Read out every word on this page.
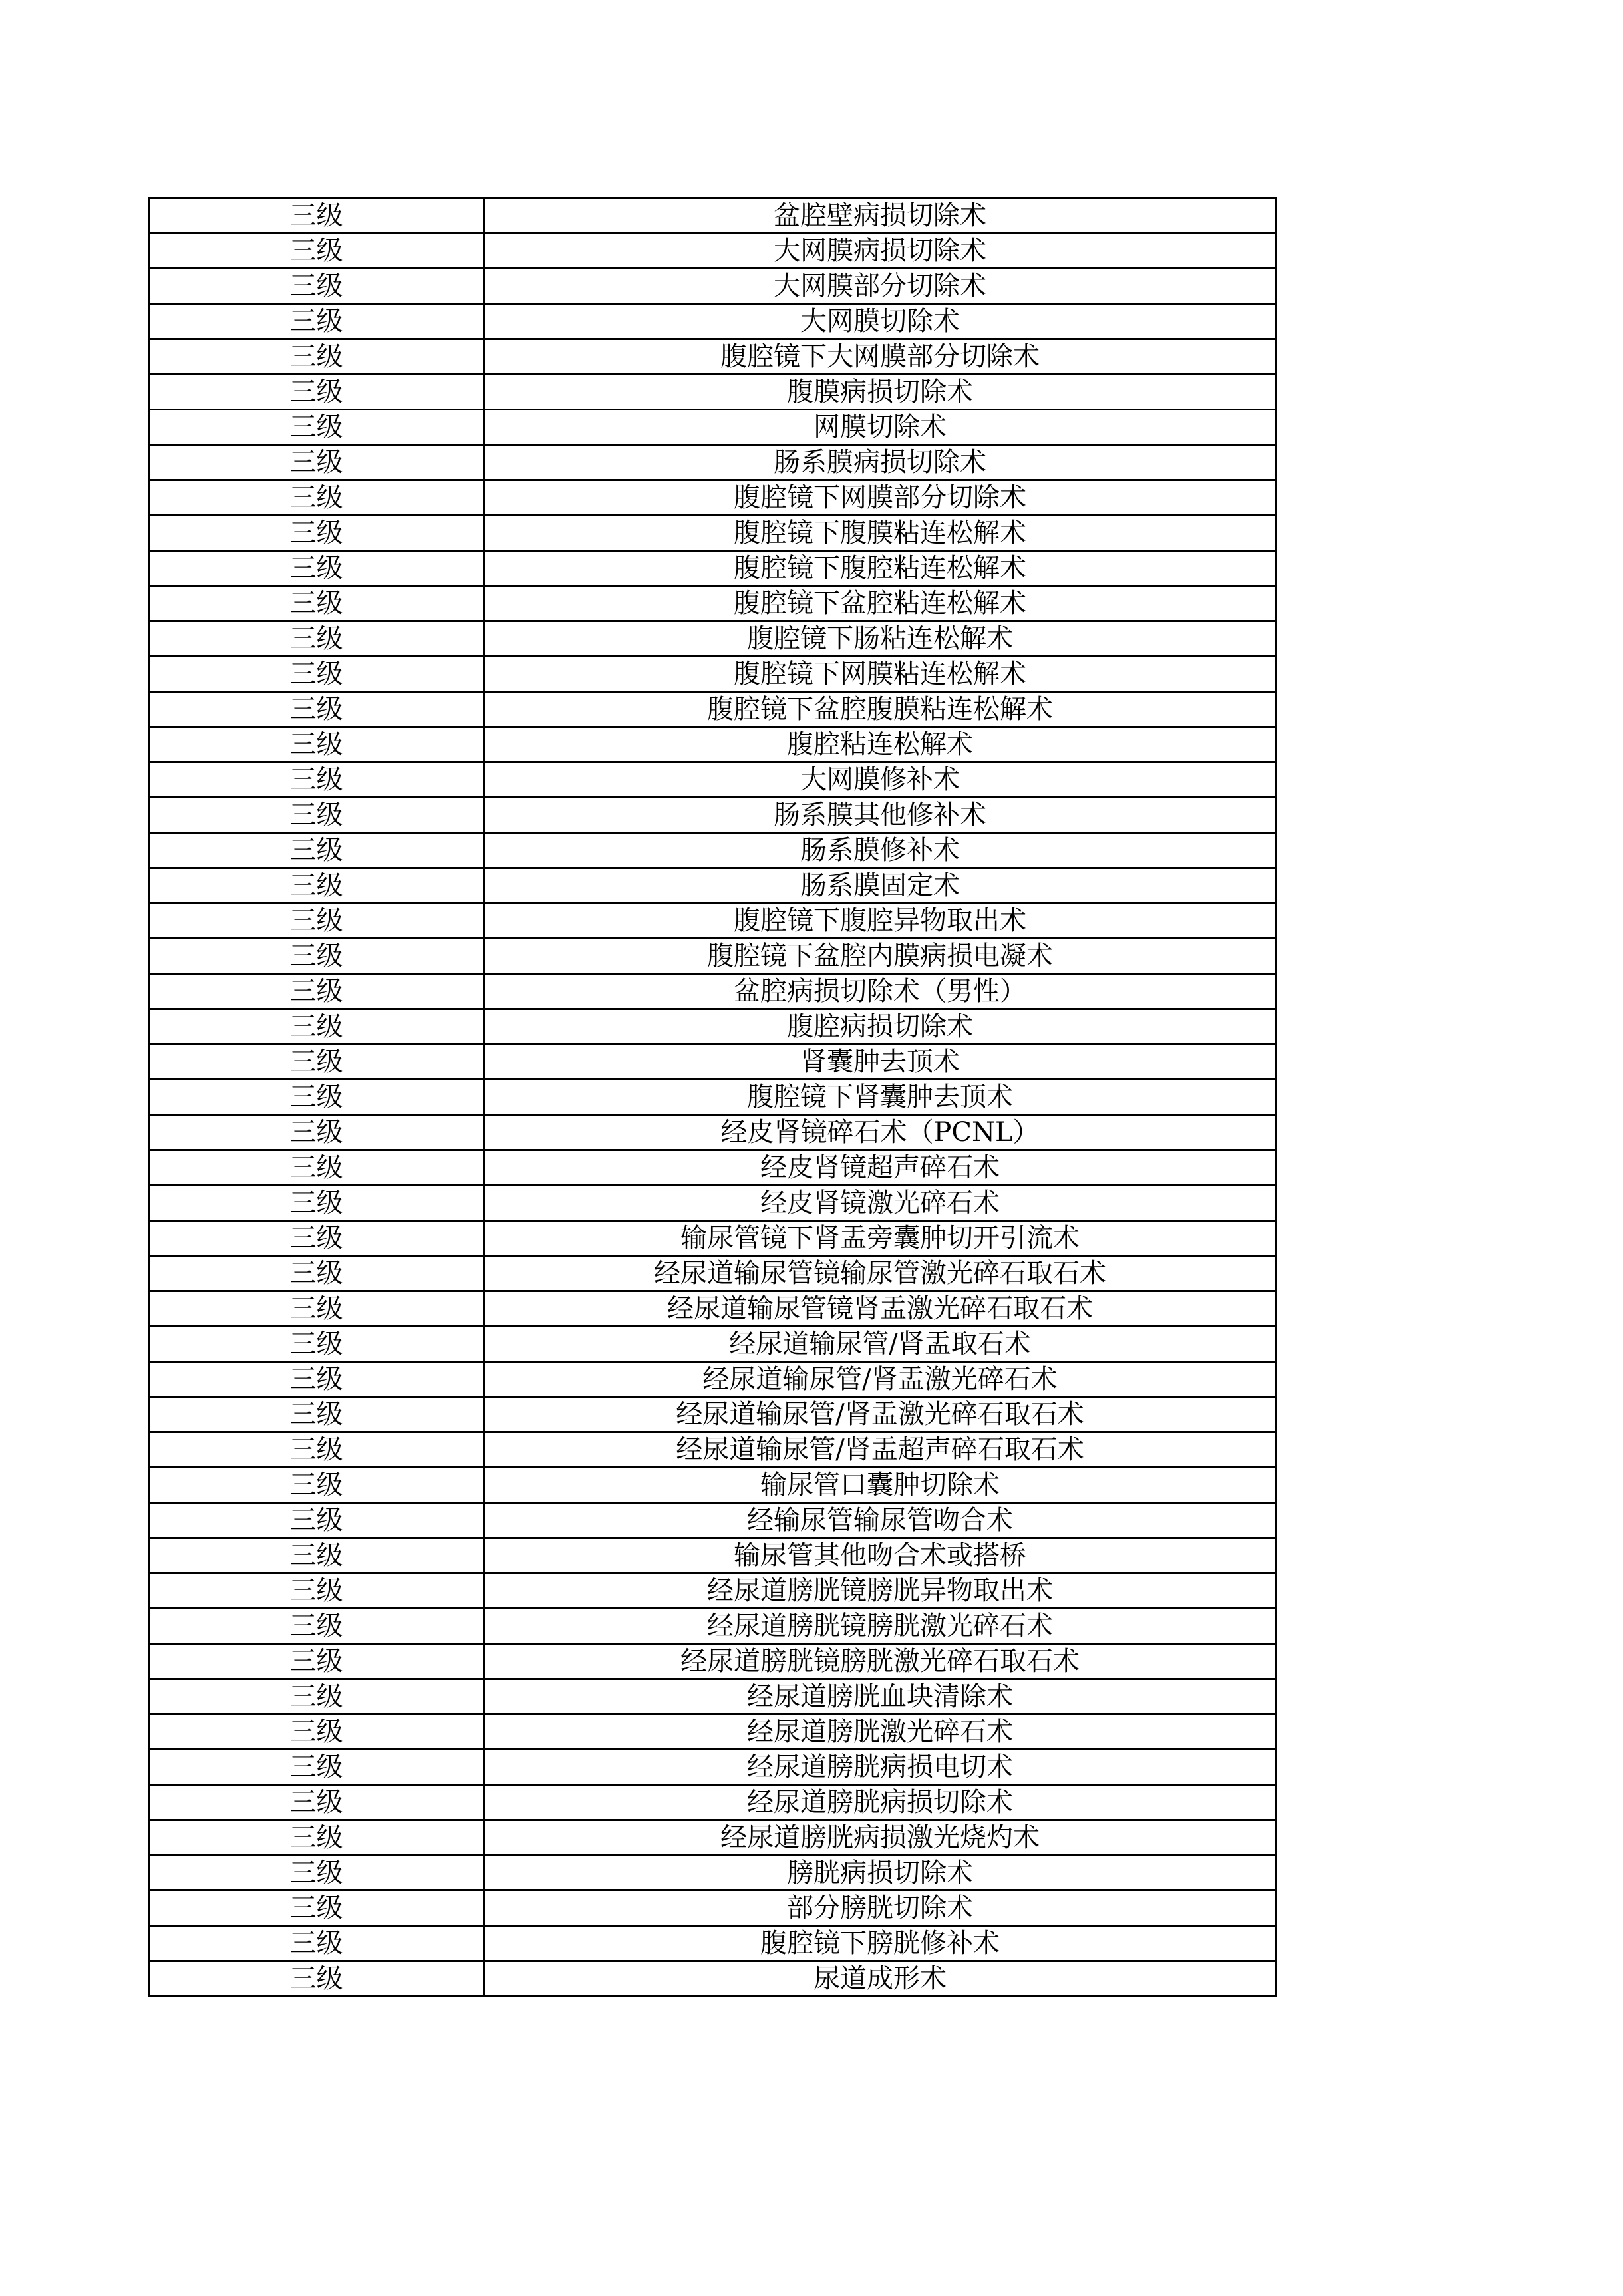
三级	盆腔壁病损切除术
三级	大网膜病损切除术
三级	大网膜部分切除术
三级	大网膜切除术
三级	腹腔镜下大网膜部分切除术
三级	腹膜病损切除术
三级	网膜切除术
三级	肠系膜病损切除术
三级	腹腔镜下网膜部分切除术
三级	腹腔镜下腹膜粘连松解术
三级	腹腔镜下腹腔粘连松解术
三级	腹腔镜下盆腔粘连松解术
三级	腹腔镜下肠粘连松解术
三级	腹腔镜下网膜粘连松解术
三级	腹腔镜下盆腔腹膜粘连松解术
三级	腹腔粘连松解术
三级	大网膜修补术
三级	肠系膜其他修补术
三级	肠系膜修补术
三级	肠系膜固定术
三级	腹腔镜下腹腔异物取出术
三级	腹腔镜下盆腔内膜病损电凝术
三级	盆腔病损切除术（男性）
三级	腹腔病损切除术
三级	肾囊肿去顶术
三级	腹腔镜下肾囊肿去顶术
三级	经皮肾镜碎石术（PCNL）
三级	经皮肾镜超声碎石术
三级	经皮肾镜激光碎石术
三级	输尿管镜下肾盂旁囊肿切开引流术
三级	经尿道输尿管镜输尿管激光碎石取石术
三级	经尿道输尿管镜肾盂激光碎石取石术
三级	经尿道输尿管/肾盂取石术
三级	经尿道输尿管/肾盂激光碎石术
三级	经尿道输尿管/肾盂激光碎石取石术
三级	经尿道输尿管/肾盂超声碎石取石术
三级	输尿管口囊肿切除术
三级	经输尿管输尿管吻合术
三级	输尿管其他吻合术或搭桥
三级	经尿道膀胱镜膀胱异物取出术
三级	经尿道膀胱镜膀胱激光碎石术
三级	经尿道膀胱镜膀胱激光碎石取石术
三级	经尿道膀胱血块清除术
三级	经尿道膀胱激光碎石术
三级	经尿道膀胱病损电切术
三级	经尿道膀胱病损切除术
三级	经尿道膀胱病损激光烧灼术
三级	膀胱病损切除术
三级	部分膀胱切除术
三级	腹腔镜下膀胱修补术
三级	尿道成形术
